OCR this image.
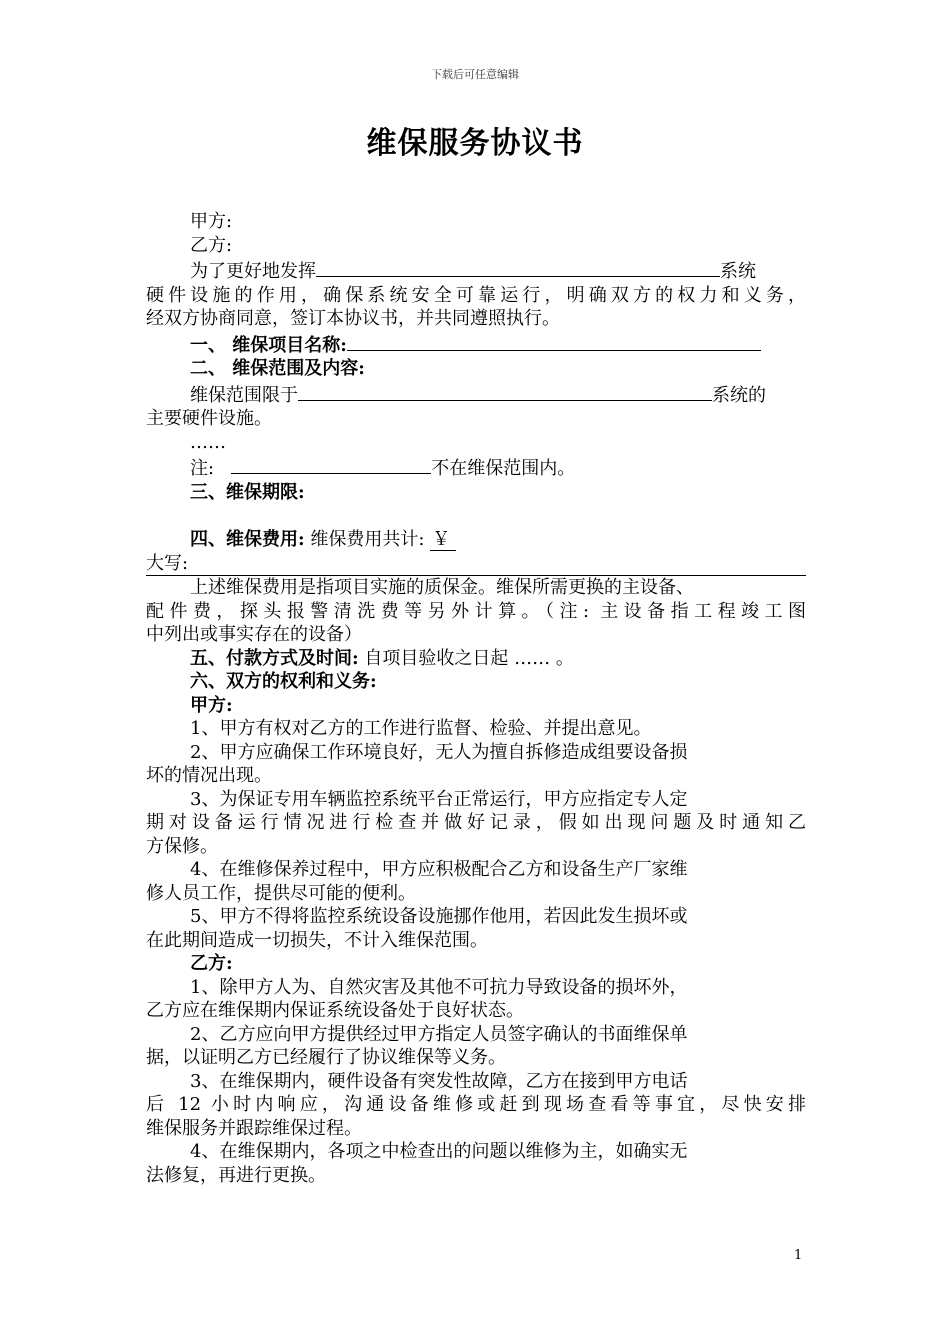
下载后可任意编辑
维保服务协议书

甲方:

乙方:

为了更好地发挥	系统

硬件设施的作用，确保系统安全可靠运行，明确双方的权力和义务，

经双方协商同意，签订本协议书，并共同遵照执行。

一、 维保项目名称:

二、 维保范围及内容:

维保范围限于	系统的

主要硬件设施。

……

注:	不在维保范围内。

三、维保期限:

四、维保费用: 维保费用共计: ￥

大写:

上述维保费用是指项目实施的质保金。维保所需更换的主设备、

配件费，探头报警清洗费等另外计算。（注: 主设备指工程竣工图

中列出或事实存在的设备）

五、付款方式及时间: 自项目验收之日起 …… 。

六、双方的权利和义务:

甲方:

1、甲方有权对乙方的工作进行监督、检验、并提出意见。

2、甲方应确保工作环境良好，无人为擅自拆修造成组要设备损

坏的情况出现。

3、为保证专用车辆监控系统平台正常运行，甲方应指定专人定

期对设备运行情况进行检查并做好记录，假如出现问题及时通知乙

方保修。

4、在维修保养过程中，甲方应积极配合乙方和设备生产厂家维

修人员工作，提供尽可能的便利。

5、甲方不得将监控系统设备设施挪作他用，若因此发生损坏或

在此期间造成一切损失，不计入维保范围。

乙方:

1、除甲方人为、自然灾害及其他不可抗力导致设备的损坏外，

乙方应在维保期内保证系统设备处于良好状态。

2、乙方应向甲方提供经过甲方指定人员签字确认的书面维保单

据，以证明乙方已经履行了协议维保等义务。

3、在维保期内，硬件设备有突发性故障，乙方在接到甲方电话

后 12 小时内响应，沟通设备维修或赶到现场查看等事宜，尽快安排

维保服务并跟踪维保过程。

4、在维保期内，各项之中检查出的问题以维修为主，如确实无

法修复，再进行更换。

1
